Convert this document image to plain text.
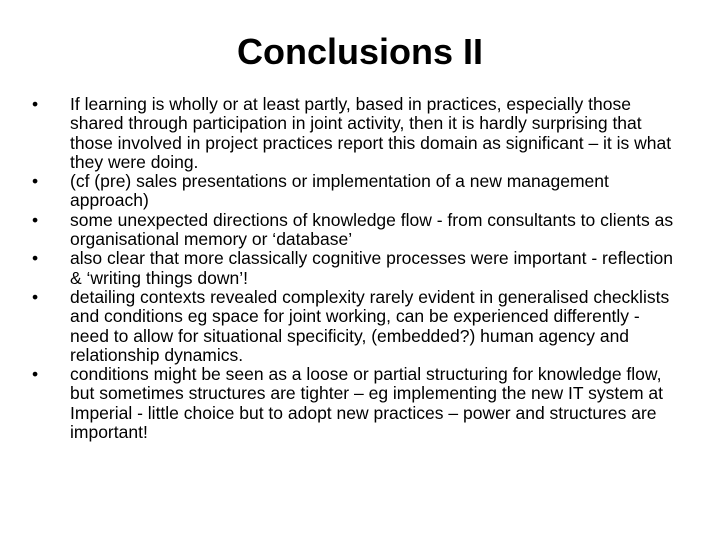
Conclusions II
•	If learning is wholly or at least partly, based in practices, especially those shared through participation in joint activity, then it is hardly surprising that those involved in project practices report this domain as significant – it is what they were doing.
•	(cf (pre) sales presentations or implementation of a new management approach)
•	some unexpected directions of knowledge flow - from consultants to clients as organisational memory or ‘database’
•	also clear that more classically cognitive processes were important - reflection & ‘writing things down’!
•	detailing contexts revealed complexity rarely evident in generalised checklists and conditions eg space for joint working, can be experienced differently - need to allow for situational specificity, (embedded?) human agency and relationship dynamics.
•	conditions might be seen as a loose or partial structuring for knowledge flow, but sometimes structures are tighter – eg implementing the new IT system at Imperial - little choice but to adopt new practices – power and structures are important!
